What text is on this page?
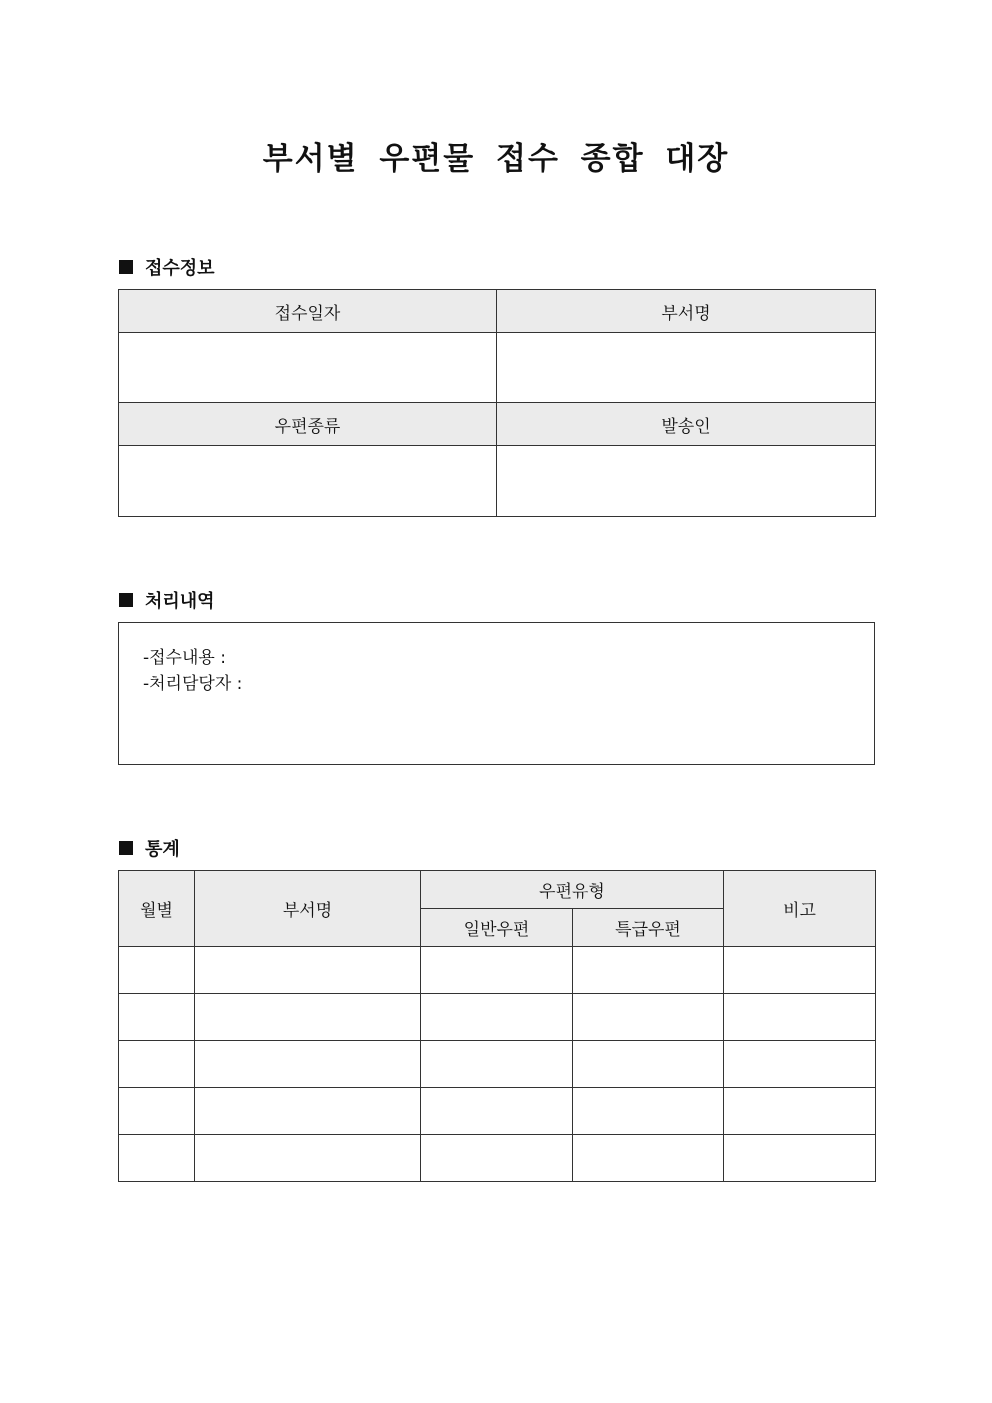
부서별 우편물 접수 종합 대장
접수정보
접수일자	부서명

우편종류	발송인

처리내역
-접수내용 :
-처리담당자 :
통계
월별	부서명	우편유형		비고
		일반우편	특급우편	
